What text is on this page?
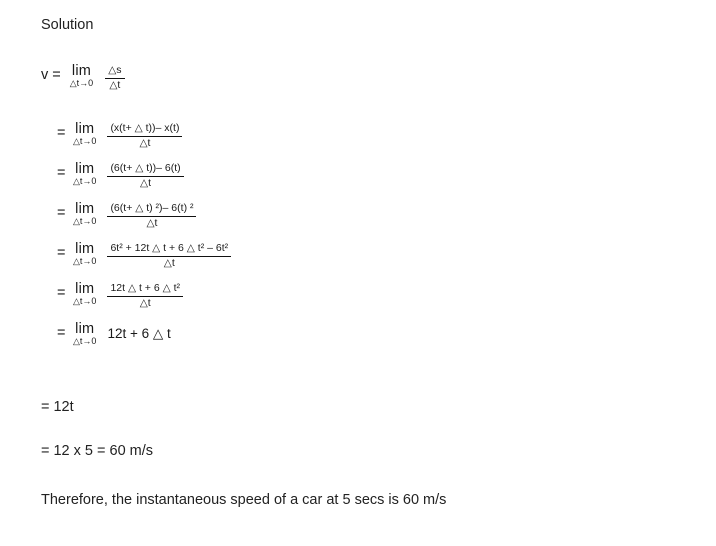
Solution
v = lim
△t→0 $\frac{\triangle s}{\triangle t}$
= lim
△t→0 $\frac{(x(t+ \triangle t))- x(t)}{\triangle t}$
= lim
△t→0 $\frac{(6(t+ \triangle t))- 6(t)}{\triangle t}$
= lim
△t→0 $\frac{\text{(6(t+ △ t) ²)– 6(t) ²}}{\triangle t}$
= lim
△t→0 $\frac{\text{6t² + 12t △ t + 6 △ t² – 6t²}}{\triangle t}$
= lim
△t→0 $\frac{\text{12t △ t + 6 △ t²}}{\triangle t}$
= lim
△t→0
12t + 6 △ t
= 12t
= 12 x 5 = 60 m/s
Therefore, the instantaneous speed of a car at 5 secs is 60 m/s
